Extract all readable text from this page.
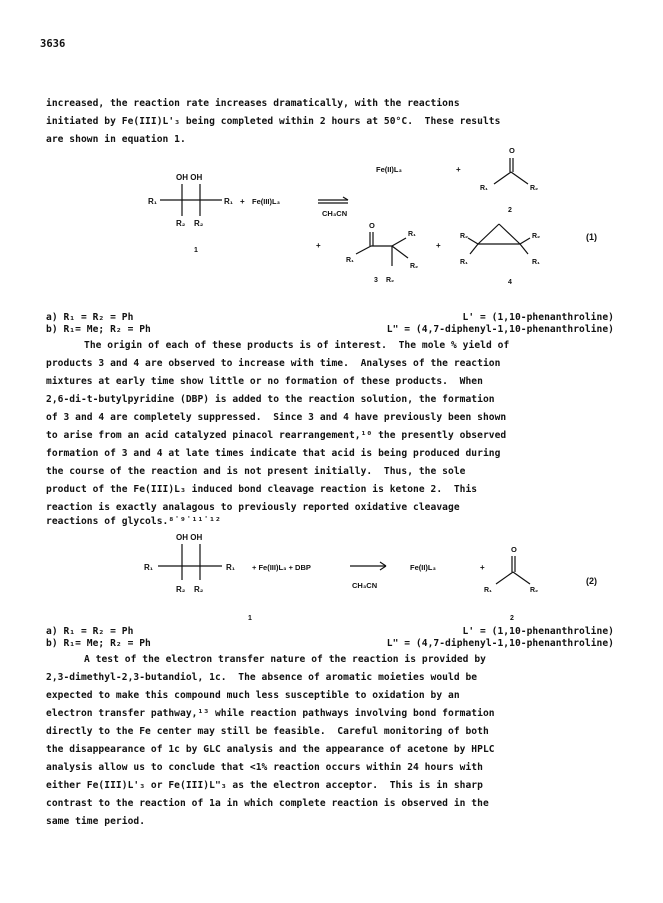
3636
increased, the reaction rate increases dramatically, with the reactions
initiated by Fe(III)L'₃ being completed within 2 hours at 50°C.  These results
are shown in equation 1.
OH OH
R₁	R₁
R₂ R₂
1
+ Fe(III)L₃
CH₃CN
Fe(II)L₃	+
O
R₁	R₂
2
+
O
R₁
R₁
R₂
R₂
3
+
R₂	R₂
R₁	R₁
4
(1)
OH OH
R₁	R₁
R₂ R₂
1
+ Fe(III)L₃ + DBP
CH₃CN
Fe(II)L₃	+
O
R₁	R₂
2
(2)
a) R₁ = R₂ = Ph	L' = (1,10-phenanthroline)
b) R₁= Me; R₂ = Ph	L" = (4,7-diphenyl-1,10-phenanthroline)
The origin of each of these products is of interest.  The mole % yield of
products 3 and 4 are observed to increase with time.  Analyses of the reaction
mixtures at early time show little or no formation of these products.  When
2,6-di-t-butylpyridine (DBP) is added to the reaction solution, the formation
of 3 and 4 are completely suppressed.  Since 3 and 4 have previously been shown
to arise from an acid catalyzed pinacol rearrangement,¹⁰ the presently observed
formation of 3 and 4 at late times indicate that acid is being produced during
the course of the reaction and is not present initially.  Thus, the sole
product of the Fe(III)L₃ induced bond cleavage reaction is ketone 2.  This
reaction is exactly analagous to previously reported oxidative cleavage
reactions of glycols.⁸˙⁹˙¹¹˙¹²
a) R₁ = R₂ = Ph	L' = (1,10-phenanthroline)
b) R₁= Me; R₂ = Ph	L" = (4,7-diphenyl-1,10-phenanthroline)
A test of the electron transfer nature of the reaction is provided by
2,3-dimethyl-2,3-butandiol, 1c.  The absence of aromatic moieties would be
expected to make this compound much less susceptible to oxidation by an
electron transfer pathway,¹³ while reaction pathways involving bond formation
directly to the Fe center may still be feasible.  Careful monitoring of both
the disappearance of 1c by GLC analysis and the appearance of acetone by HPLC
analysis allow us to conclude that <1% reaction occurs within 24 hours with
either Fe(III)L'₃ or Fe(III)L"₃ as the electron acceptor.  This is in sharp
contrast to the reaction of 1a in which complete reaction is observed in the
same time period.
